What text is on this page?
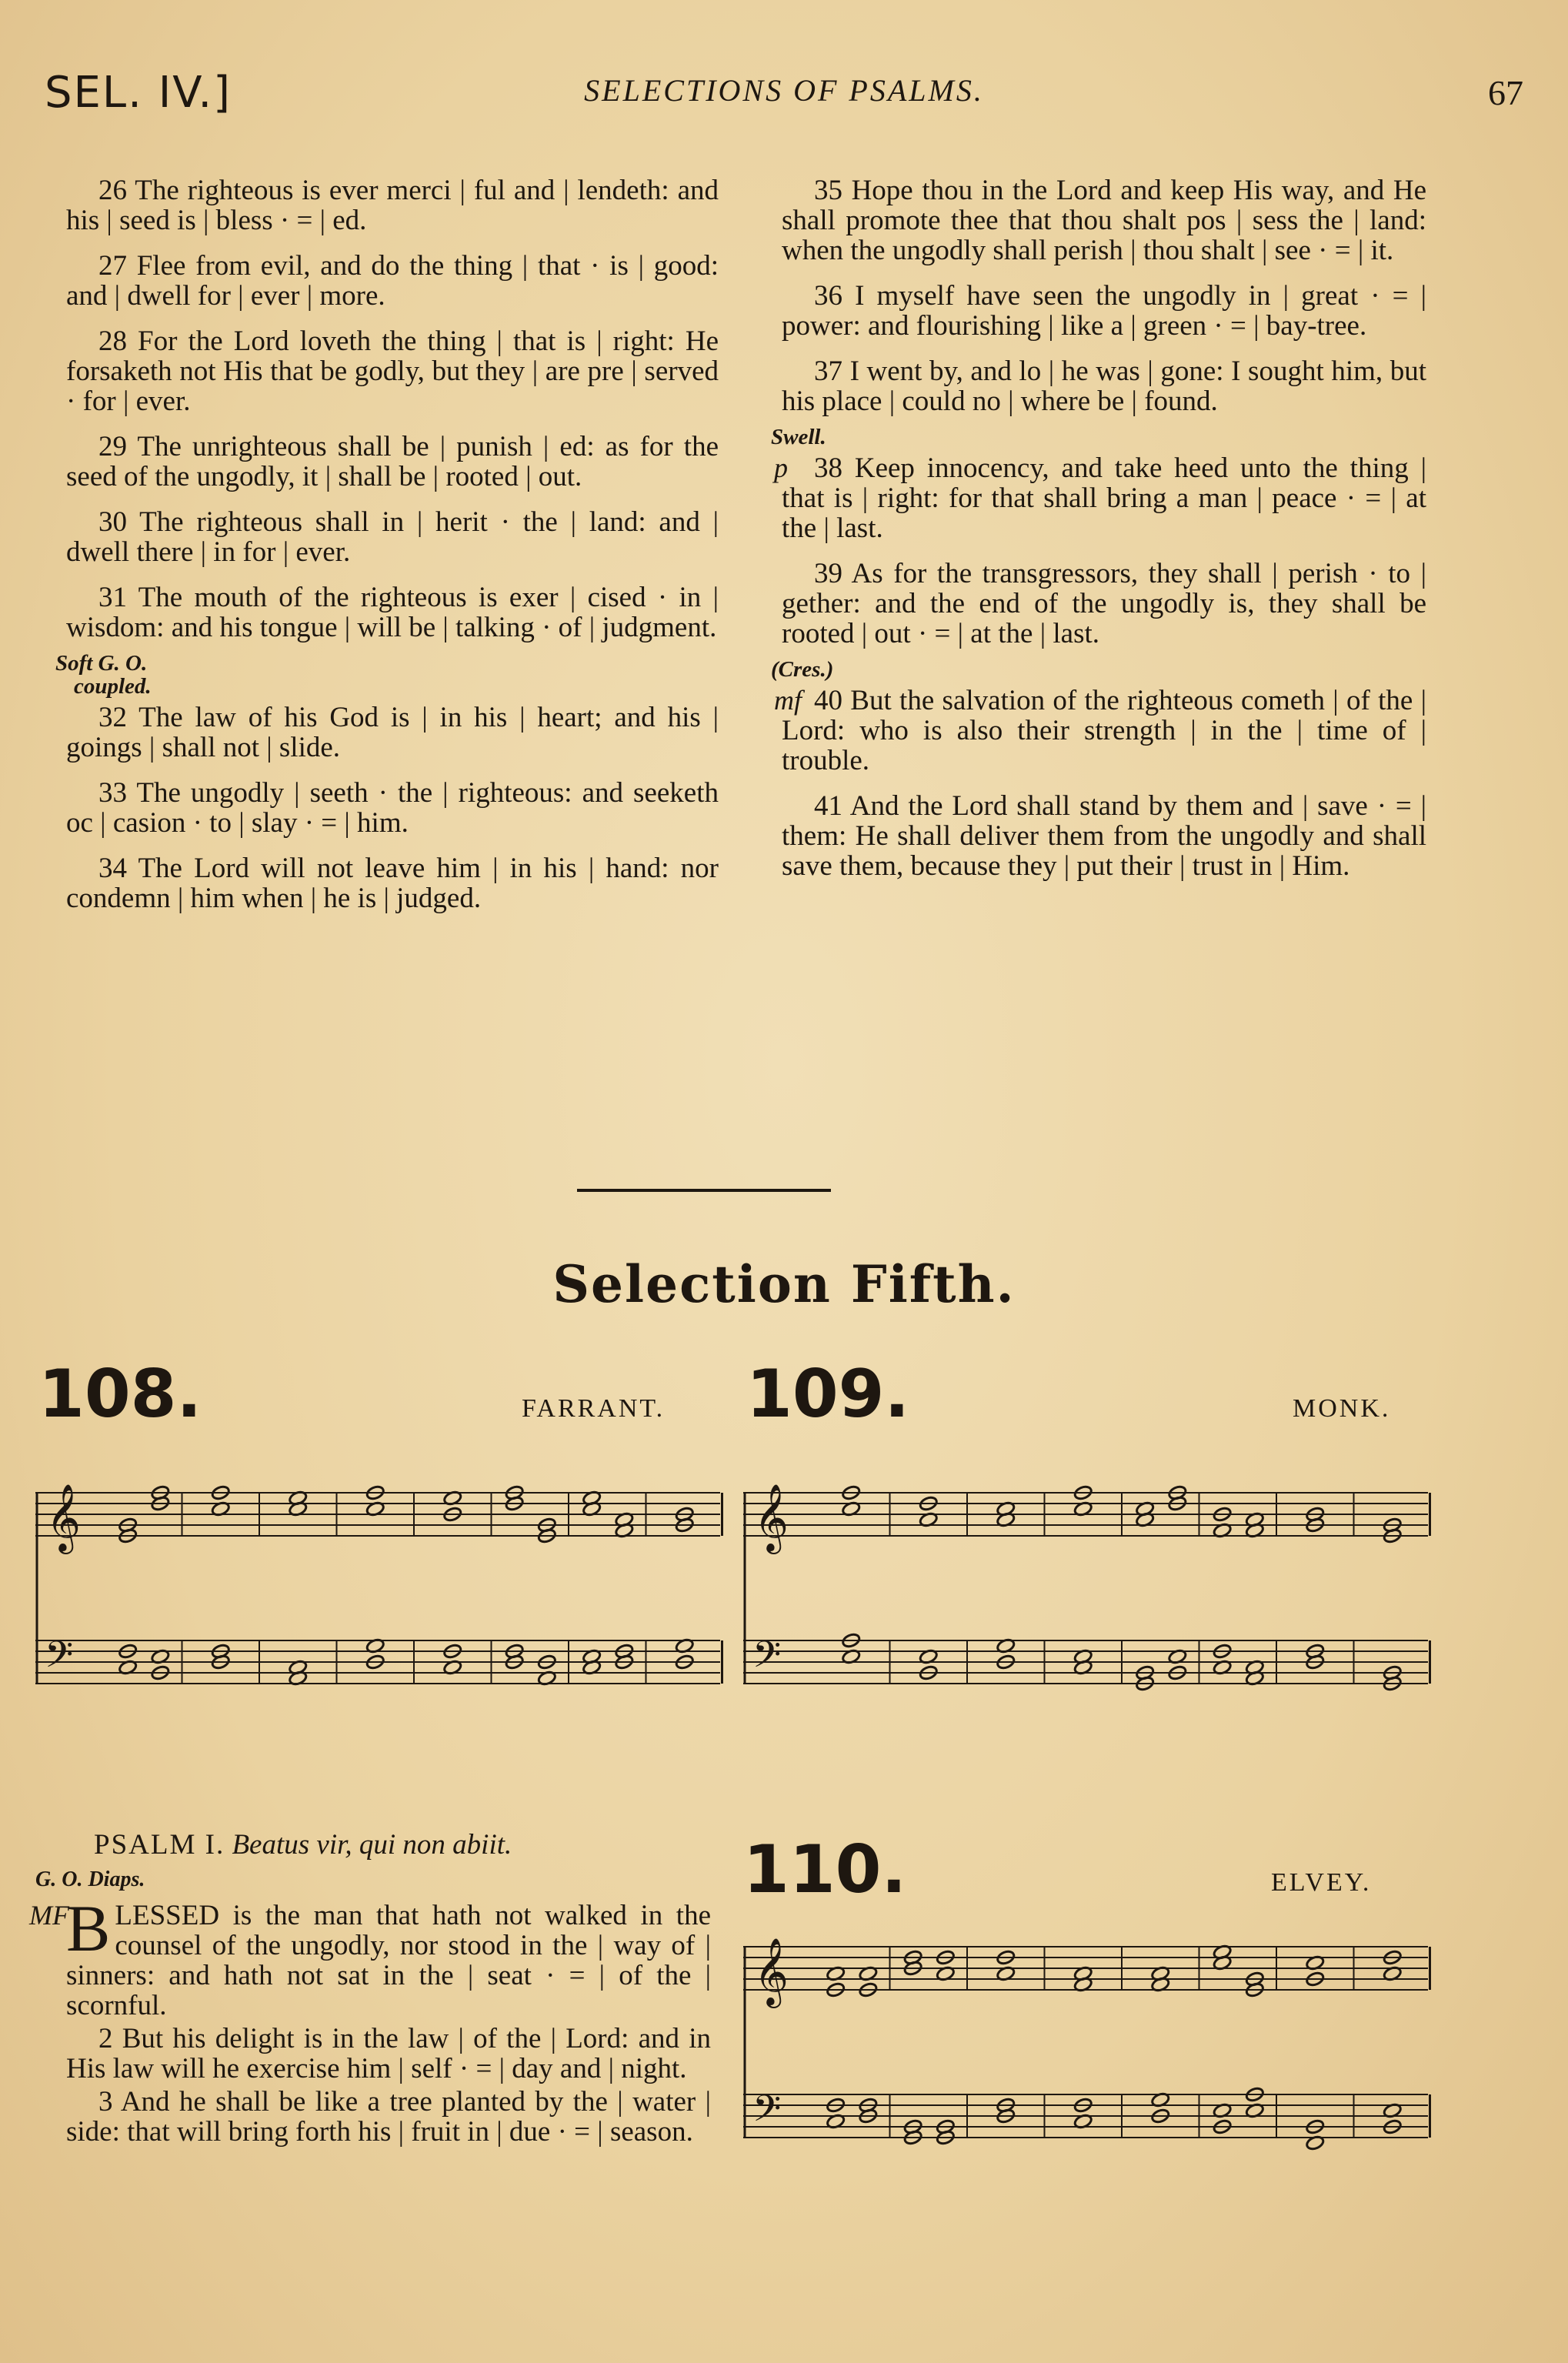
SEL. IV.]	SELECTIONS OF PSALMS.	67

26 The righteous is ever merci | ful and | lendeth: and his | seed is | bless · = | ed.

27 Flee from evil, and do the thing | that · is | good: and | dwell for | ever | more.

28 For the Lord loveth the thing | that is | right: He forsaketh not His that be godly, but they | are pre | served · for | ever.

29 The unrighteous shall be | punish | ed: as for the seed of the ungodly, it | shall be | rooted | out.

30 The righteous shall in | herit · the | land: and | dwell there | in for | ever.

31 The mouth of the righteous is exer | cised · in | wisdom: and his tongue | will be | talking · of | judgment.

Soft G. O.
coupled.

32 The law of his God is | in his | heart; and his | goings | shall not | slide.

33 The ungodly | seeth · the | righteous: and seeketh oc | casion · to | slay · = | him.

34 The Lord will not leave him | in his | hand: nor condemn | him when | he is | judged.

35 Hope thou in the Lord and keep His way, and He shall promote thee that thou shalt pos | sess the | land: when the ungodly shall perish | thou shalt | see · = | it.

36 I myself have seen the ungodly in | great · = | power: and flourishing | like a | green · = | bay-tree.

37 I went by, and lo | he was | gone: I sought him, but his place | could no | where be | found.

Swell.

p 38 Keep innocency, and take heed unto the thing | that is | right: for that shall bring a man | peace · = | at the | last.

39 As for the transgressors, they shall | perish · to | gether: and the end of the ungodly is, they shall be rooted | out · = | at the | last.

(Cres.)

mf 40 But the salvation of the righteous cometh | of the | Lord: who is also their strength | in the | time of | trouble.

41 And the Lord shall stand by them and | save · = | them: He shall deliver them from the ungodly and shall save them, because they | put their | trust in | Him.

Selection Fifth.
108.	FARRANT. 109.	MONK.
110.	ELVEY.
𝄞
𝄢
𝄞
𝄢
𝄞
𝄢
PSALM I. Beatus vir, qui non abiit.
G. O. Diaps.

MF
B LESSED is the man that hath not walked in the counsel of the ungodly, nor stood in the | way of | sinners: and hath not sat in the | seat · = | of the | scornful.

2 But his delight is in the law | of the | Lord: and in His law will he exercise him | self · = | day and | night.

3 And he shall be like a tree planted by the | water | side: that will bring forth his | fruit in | due · = | season.
